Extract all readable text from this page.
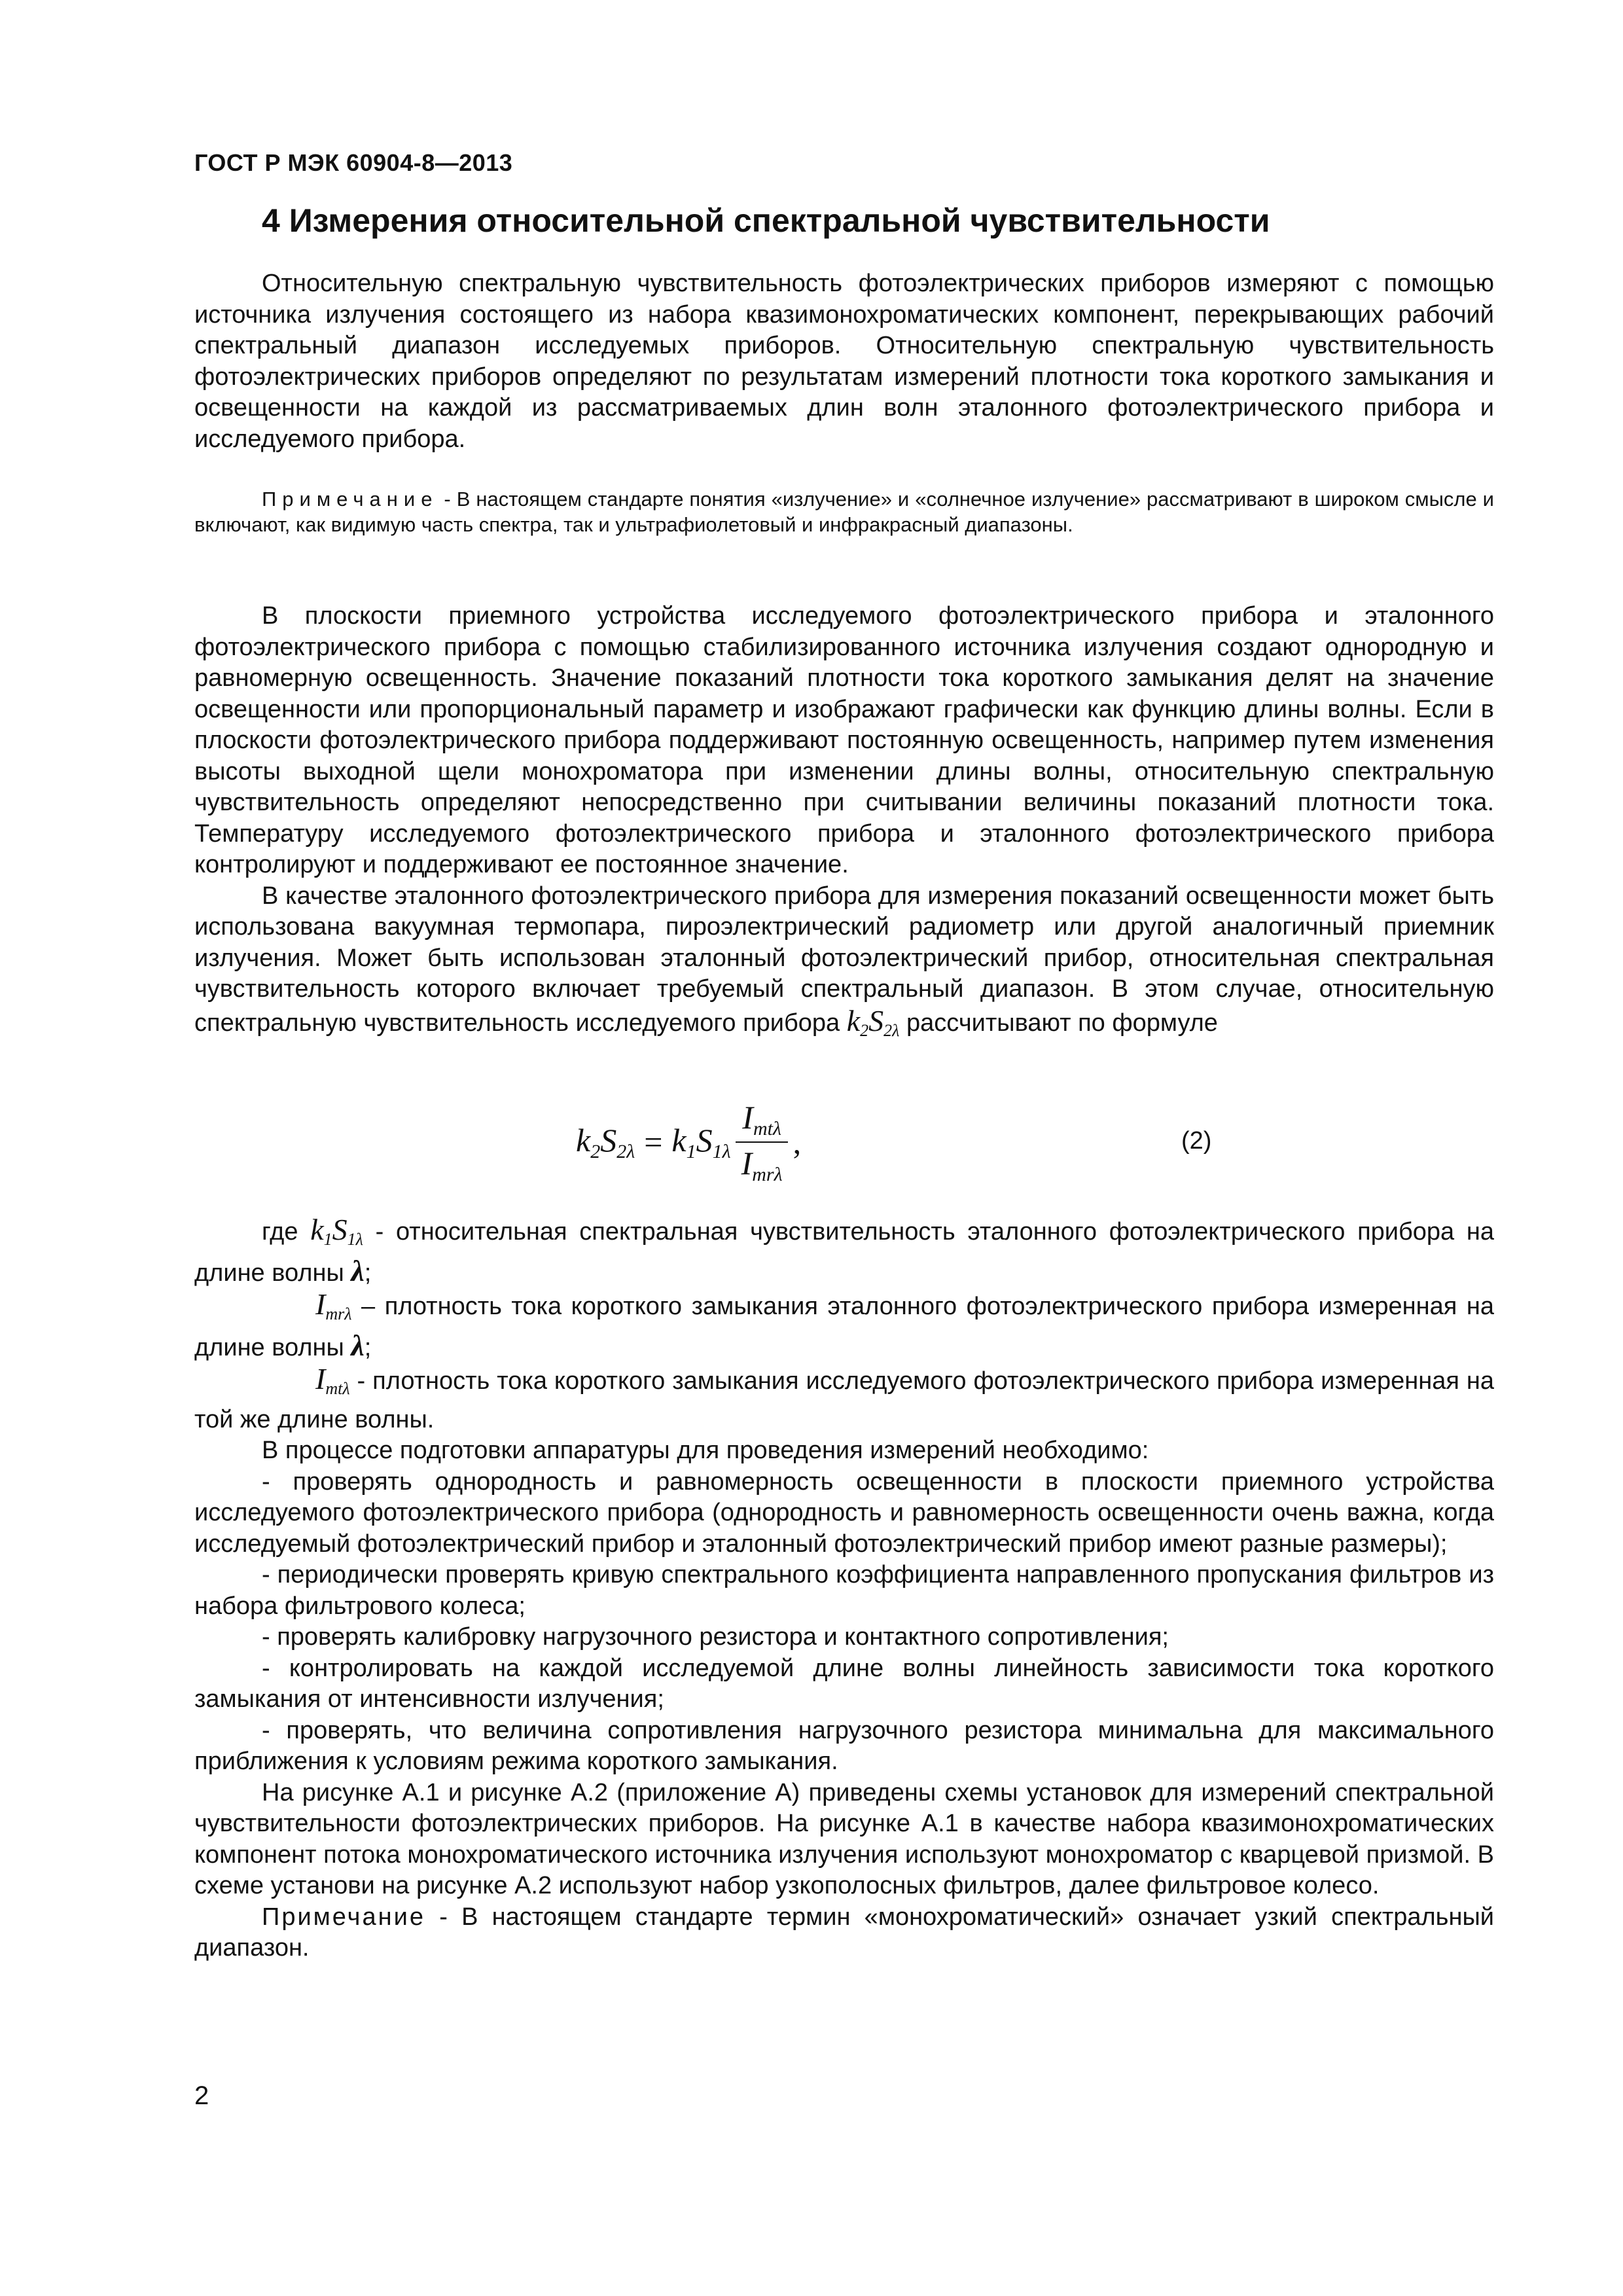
ГОСТ Р МЭК 60904-8—2013
4 Измерения относительной спектральной чувствительности

Относительную спектральную чувствительность фотоэлектрических приборов измеряют с помощью источника излучения состоящего из набора квазимонохроматических компонент, перекрывающих рабочий спектральный диапазон исследуемых приборов. Относительную спектральную чувствительность фотоэлектрических приборов определяют по результатам измерений плотности тока короткого замыкания и освещенности на каждой из рассматриваемых длин волн эталонного фотоэлектрического прибора и исследуемого прибора.

Примечание - В настоящем стандарте понятия «излучение» и «солнечное излучение» рассматривают в широком смысле и включают, как видимую часть спектра, так и ультрафиолетовый и инфракрасный диапазоны.

В плоскости приемного устройства исследуемого фотоэлектрического прибора и эталонного фотоэлектрического прибора с помощью стабилизированного источника излучения создают однородную и равномерную освещенность. Значение показаний плотности тока короткого замыкания делят на значение освещенности или пропорциональный параметр и изображают графически как функцию длины волны. Если в плоскости фотоэлектрического прибора поддерживают постоянную освещенность, например путем изменения высоты выходной щели монохроматора при изменении длины волны, относительную спектральную чувствительность определяют непосредственно при считывании величины показаний плотности тока. Температуру исследуемого фотоэлектрического прибора и эталонного фотоэлектрического прибора контролируют и поддерживают ее постоянное значение.

В качестве эталонного фотоэлектрического прибора для измерения показаний освещенности может быть использована вакуумная термопара, пироэлектрический радиометр или другой аналогичный приемник излучения. Может быть использован эталонный фотоэлектрический прибор, относительная спектральная чувствительность которого включает требуемый спектральный диапазон. В этом случае, относительную спектральную чувствительность исследуемого прибора $k_2S_{2\lambda}$ рассчитывают по формуле

$k_2S_{2\lambda} = k_1S_{1\lambda} \frac{I_{mt\lambda}}{I_{mr\lambda}}$ ,	(2)

где $k_1S_{1\lambda}$ - относительная спектральная чувствительность эталонного фотоэлектрического прибора на длине волны λ;

$I_{mr\lambda}$ – плотность тока короткого замыкания эталонного фотоэлектрического прибора измеренная на длине волны λ;

$I_{mt\lambda}$ - плотность тока короткого замыкания исследуемого фотоэлектрического прибора измеренная на той же длине волны.

В процессе подготовки аппаратуры для проведения измерений необходимо:

- проверять однородность и равномерность освещенности в плоскости приемного устройства исследуемого фотоэлектрического прибора (однородность и равномерность освещенности очень важна, когда исследуемый фотоэлектрический прибор и эталонный фотоэлектрический прибор имеют разные размеры);

- периодически проверять кривую спектрального коэффициента направленного пропускания фильтров из набора фильтрового колеса;

- проверять калибровку нагрузочного резистора и контактного сопротивления;

- контролировать на каждой исследуемой длине волны линейность зависимости тока короткого замыкания от интенсивности излучения;

- проверять, что величина сопротивления нагрузочного резистора минимальна для максимального приближения к условиям режима короткого замыкания.

На рисунке А.1 и рисунке А.2 (приложение А) приведены схемы установок для измерений спектральной чувствительности фотоэлектрических приборов. На рисунке А.1 в качестве набора квазимонохроматических компонент потока монохроматического источника излучения используют монохроматор с кварцевой призмой. В схеме установи на рисунке А.2 используют набор узкополосных фильтров, далее фильтровое колесо.

Примечание - В настоящем стандарте термин «монохроматический» означает узкий спектральный диапазон.

2
